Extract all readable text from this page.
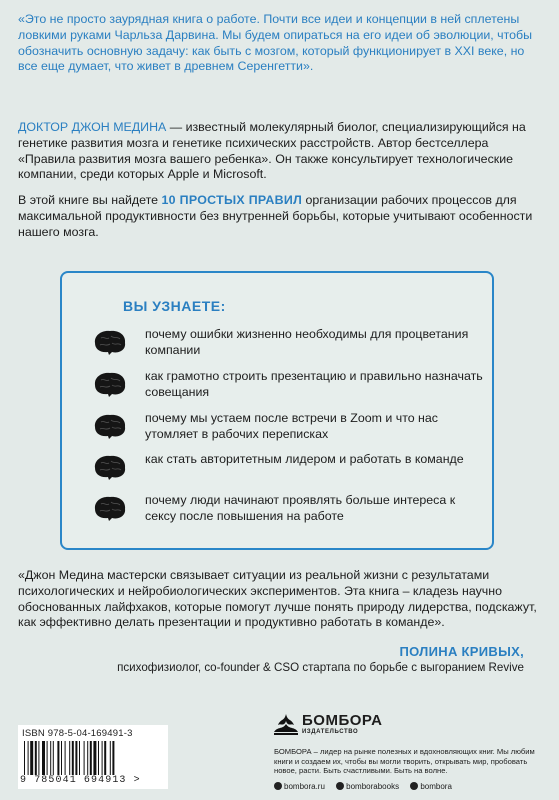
«Это не просто заурядная книга о работе. Почти все идеи и концепции в ней сплетены ловкими руками Чарльза Дарвина. Мы будем опираться на его идеи об эволюции, чтобы обозначить основную задачу: как быть с мозгом, который функционирует в XXI веке, но все еще думает, что живет в древнем Серенгетти».

ДОКТОР ДЖОН МЕДИНА — известный молекулярный биолог, специализирующийся на генетике развития мозга и генетике психических расстройств. Автор бестселлера «Правила развития мозга вашего ребенка». Он также консультирует технологические компании, среди которых Apple и Microsoft.

В этой книге вы найдете 10 ПРОСТЫХ ПРАВИЛ организации рабочих процессов для максимальной продуктивности без внутренней борьбы, которые учитывают особенности нашего мозга.

ВЫ УЗНАЕТЕ:
почему ошибки жизненно необходимы для процветания компании
как грамотно строить презентацию и правильно назначать совещания
почему мы устаем после встречи в Zoom и что нас утомляет в рабочих переписках
как стать авторитетным лидером и работать в команде
почему люди начинают проявлять больше интереса к сексу после повышения на работе

«Джон Медина мастерски связывает ситуации из реальной жизни с результатами психологических и нейробиологических экспериментов. Эта книга – кладезь научно обоснованных лайфхаков, которые помогут лучше понять природу лидерства, подскажут, как эффективно делать презентации и продуктивно работать в команде».

ПОЛИНА КРИВЫХ,
психофизиолог, co-founder & CSO стартапа по борьбе с выгоранием Revive
ISBN 978-5-04-169491-3
9 785041 694913 >
БОМБОРА
ИЗДАТЕЛЬСТВО
БОМБОРА – лидер на рынке полезных и вдохновляющих книг. Мы любим книги и создаем их, чтобы вы могли творить, открывать мир, пробовать новое, расти. Быть счастливыми. Быть на волне.
bombora.ru	bomborabooks	bombora
